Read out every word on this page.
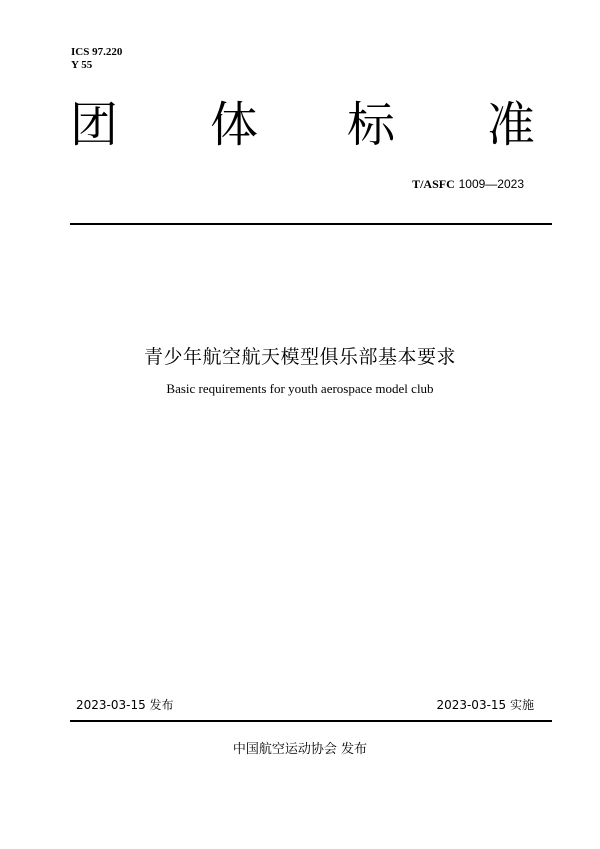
ICS 97.220
Y 55
团 体 标 准
T/ASFC 1009—2023
青少年航空航天模型俱乐部基本要求
Basic requirements for youth aerospace model club
2023-03-15 发布	2023-03-15 实施
中国航空运动协会 发布
